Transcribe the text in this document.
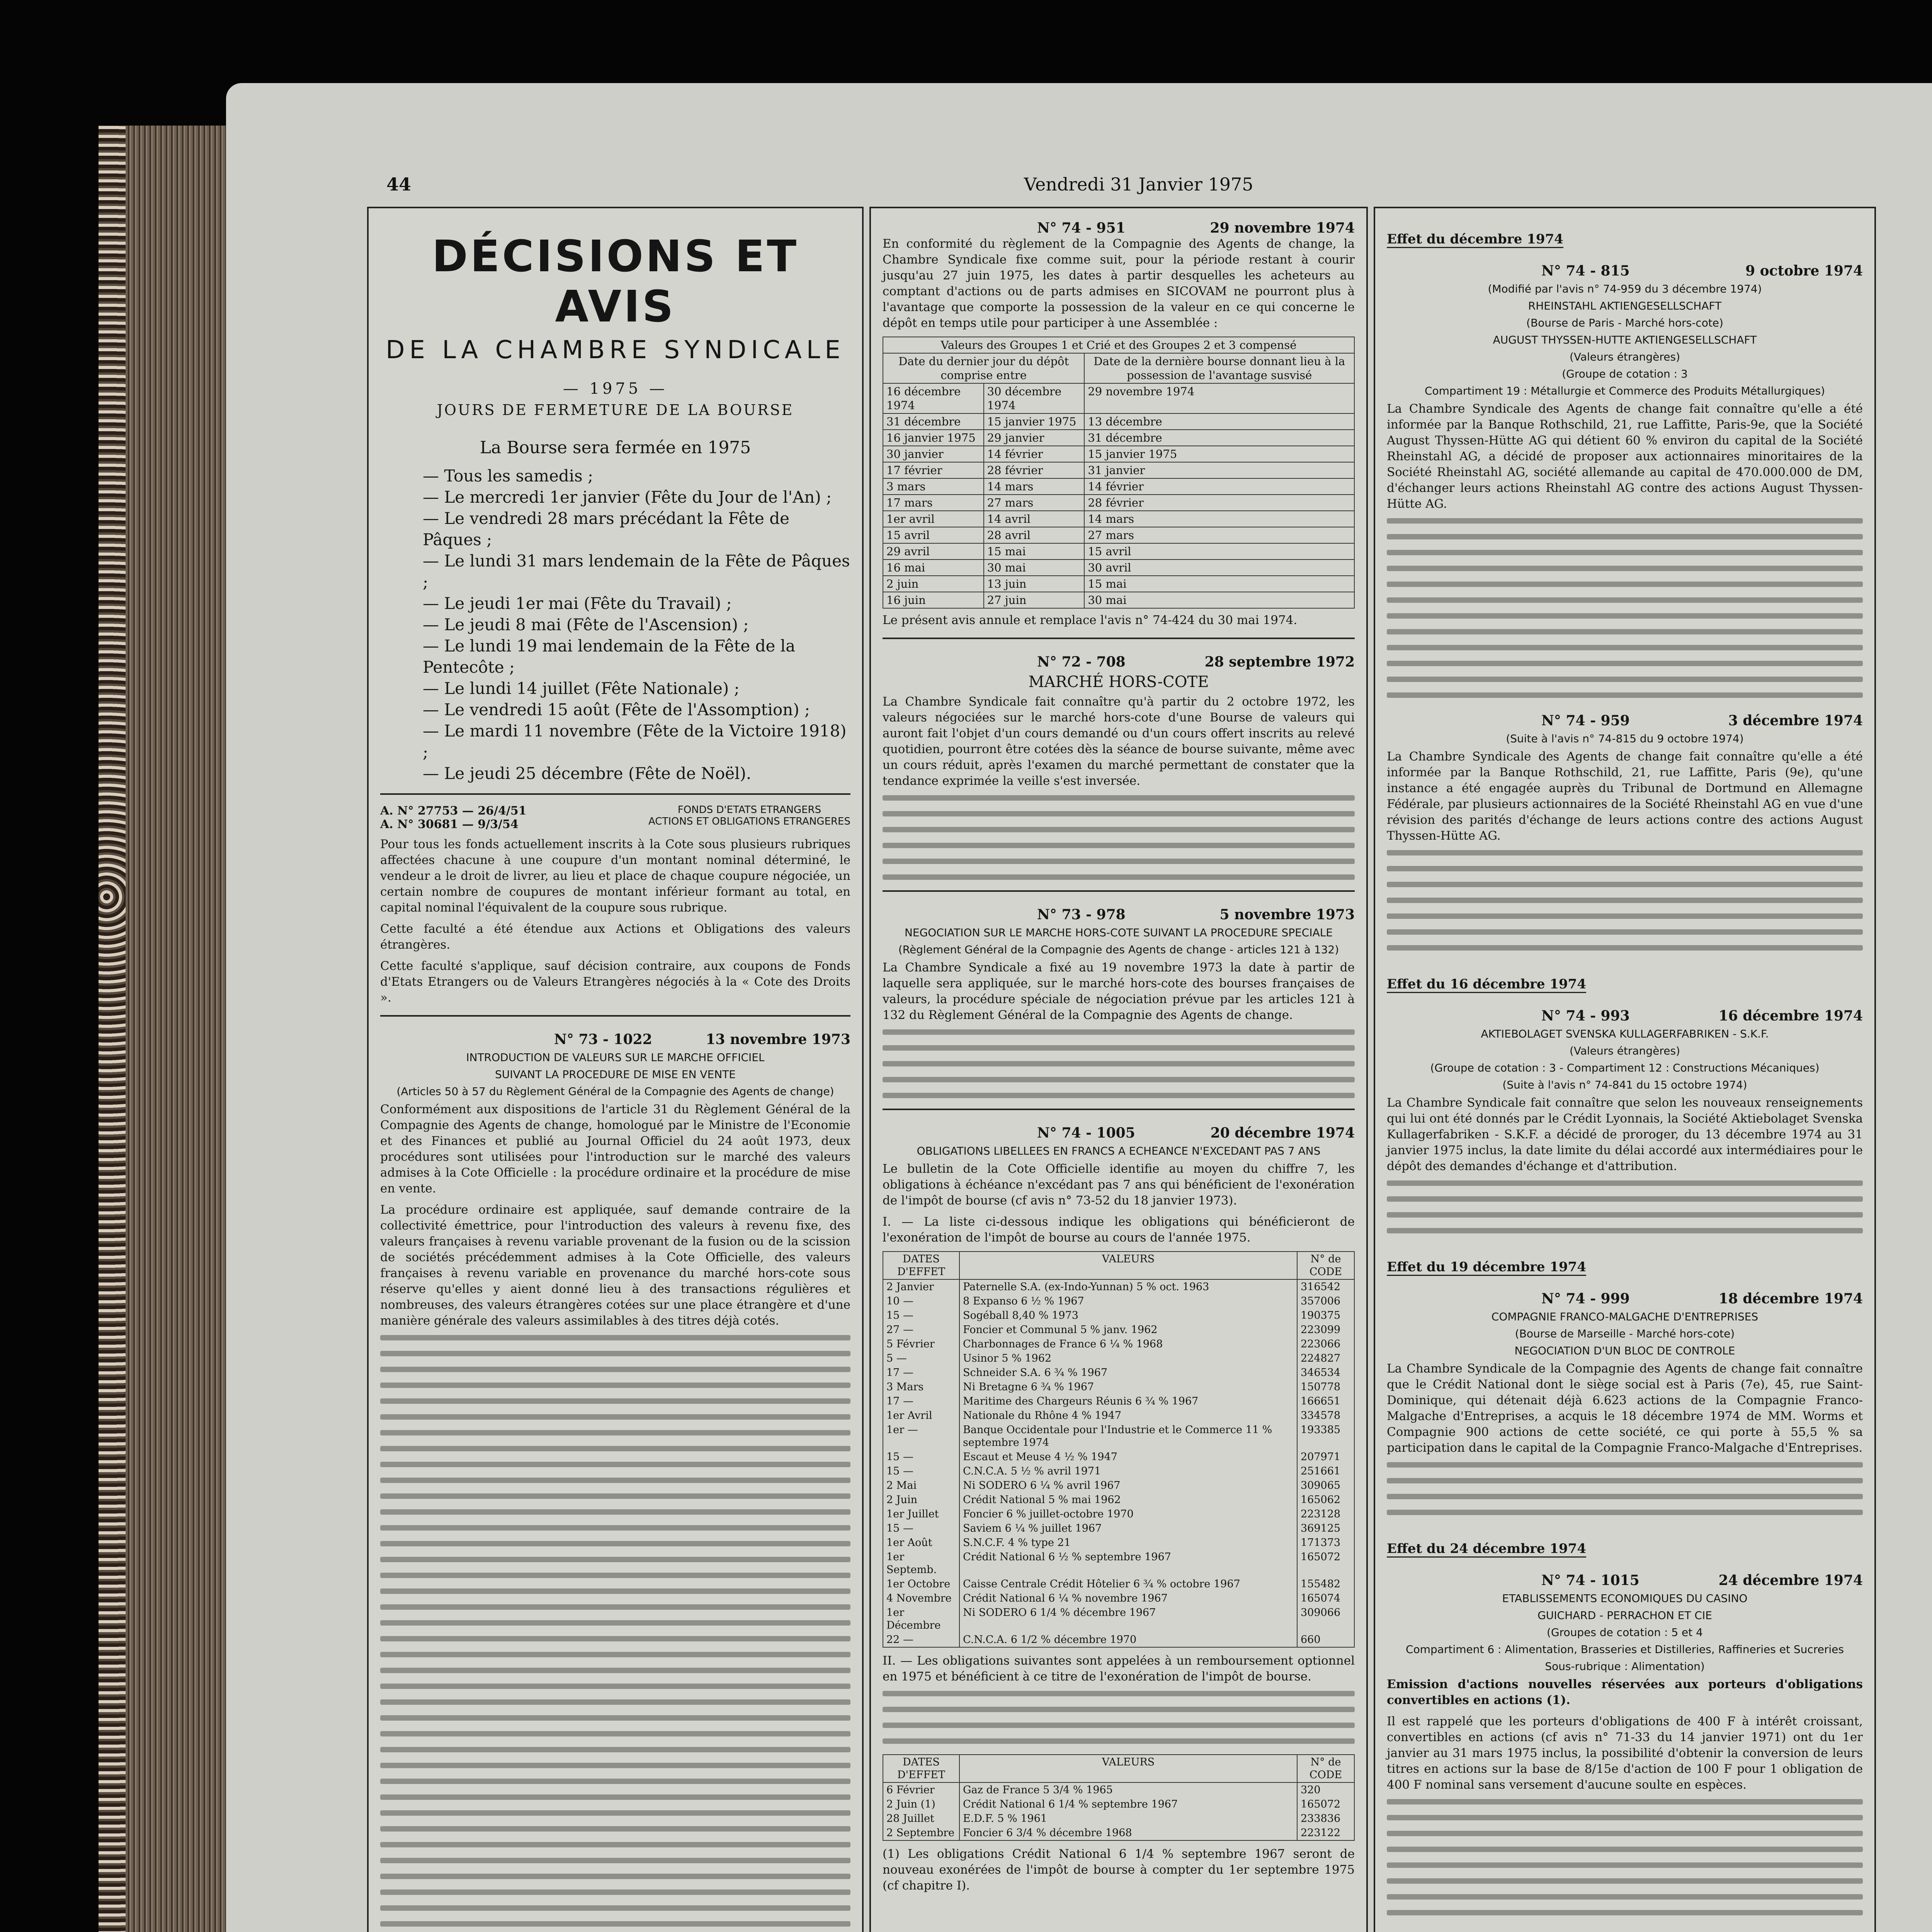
44	Vendredi 31 Janvier 1975
DÉCISIONS ET AVIS
DE LA CHAMBRE SYNDICALE
— 1975 —
JOURS DE FERMETURE DE LA BOURSE
La Bourse sera fermée en 1975
— Tous les samedis ;
— Le mercredi 1er janvier (Fête du Jour de l'An) ;
— Le vendredi 28 mars précédant la Fête de Pâques ;
— Le lundi 31 mars lendemain de la Fête de Pâques ;
— Le jeudi 1er mai (Fête du Travail) ;
— Le jeudi 8 mai (Fête de l'Ascension) ;
— Le lundi 19 mai lendemain de la Fête de la Pentecôte ;
— Le lundi 14 juillet (Fête Nationale) ;
— Le vendredi 15 août (Fête de l'Assomption) ;
— Le mardi 11 novembre (Fête de la Victoire 1918) ;
— Le jeudi 25 décembre (Fête de Noël).
A. N° 27753 — 26/4/51
A. N° 30681 — 9/3/54
FONDS D'ETATS ETRANGERS
ACTIONS ET OBLIGATIONS ETRANGERES

Pour tous les fonds actuellement inscrits à la Cote sous plusieurs rubriques affectées chacune à une coupure d'un montant nominal déterminé, le vendeur a le droit de livrer, au lieu et place de chaque coupure négociée, un certain nombre de coupures de montant inférieur formant au total, en capital nominal l'équivalent de la coupure sous rubrique.

Cette faculté a été étendue aux Actions et Obligations des valeurs étrangères.

Cette faculté s'applique, sauf décision contraire, aux coupons de Fonds d'Etats Etrangers ou de Valeurs Etrangères négociés à la « Cote des Droits ».

N° 73 - 1022	13 novembre 1973
INTRODUCTION DE VALEURS SUR LE MARCHE OFFICIEL
SUIVANT LA PROCEDURE DE MISE EN VENTE
(Articles 50 à 57 du Règlement Général de la Compagnie des Agents de change)

Conformément aux dispositions de l'article 31 du Règlement Général de la Compagnie des Agents de change, homologué par le Ministre de l'Economie et des Finances et publié au Journal Officiel du 24 août 1973, deux procédures sont utilisées pour l'introduction sur le marché des valeurs admises à la Cote Officielle : la procédure ordinaire et la procédure de mise en vente.

La procédure ordinaire est appliquée, sauf demande contraire de la collectivité émettrice, pour l'introduction des valeurs à revenu fixe, des valeurs françaises à revenu variable provenant de la fusion ou de la scission de sociétés précédemment admises à la Cote Officielle, des valeurs françaises à revenu variable en provenance du marché hors-cote sous réserve qu'elles y aient donné lieu à des transactions régulières et nombreuses, des valeurs étrangères cotées sur une place étrangère et d'une manière générale des valeurs assimilables à des titres déjà cotés.

N° 74 - 951	29 novembre 1974

En conformité du règlement de la Compagnie des Agents de change, la Chambre Syndicale fixe comme suit, pour la période restant à courir jusqu'au 27 juin 1975, les dates à partir desquelles les acheteurs au comptant d'actions ou de parts admises en SICOVAM ne pourront plus à l'avantage que comporte la possession de la valeur en ce qui concerne le dépôt en temps utile pour participer à une Assemblée :

Valeurs des Groupes 1 et Crié et des Groupes 2 et 3 compensé		
Date du dernier jour du dépôt comprise entre		Date de la dernière bourse donnant lieu à la possession de l'avantage susvisé
16 décembre 1974	30 décembre 1974	29 novembre 1974
31 décembre	15 janvier 1975	13 décembre
16 janvier 1975	29 janvier	31 décembre
30 janvier	14 février	15 janvier 1975
17 février	28 février	31 janvier
3 mars	14 mars	14 février
17 mars	27 mars	28 février
1er avril	14 avril	14 mars
15 avril	28 avril	27 mars
29 avril	15 mai	15 avril
16 mai	30 mai	30 avril
2 juin	13 juin	15 mai
16 juin	27 juin	30 mai

Le présent avis annule et remplace l'avis n° 74-424 du 30 mai 1974.

N° 72 - 708	28 septembre 1972
MARCHÉ HORS-COTE

La Chambre Syndicale fait connaître qu'à partir du 2 octobre 1972, les valeurs négociées sur le marché hors-cote d'une Bourse de valeurs qui auront fait l'objet d'un cours demandé ou d'un cours offert inscrits au relevé quotidien, pourront être cotées dès la séance de bourse suivante, même avec un cours réduit, après l'examen du marché permettant de constater que la tendance exprimée la veille s'est inversée.

N° 73 - 978	5 novembre 1973
NEGOCIATION SUR LE MARCHE HORS-COTE SUIVANT LA PROCEDURE SPECIALE
(Règlement Général de la Compagnie des Agents de change - articles 121 à 132)

La Chambre Syndicale a fixé au 19 novembre 1973 la date à partir de laquelle sera appliquée, sur le marché hors-cote des bourses françaises de valeurs, la procédure spéciale de négociation prévue par les articles 121 à 132 du Règlement Général de la Compagnie des Agents de change.

N° 74 - 1005	20 décembre 1974
OBLIGATIONS LIBELLEES EN FRANCS A ECHEANCE N'EXCEDANT PAS 7 ANS

Le bulletin de la Cote Officielle identifie au moyen du chiffre 7, les obligations à échéance n'excédant pas 7 ans qui bénéficient de l'exonération de l'impôt de bourse (cf avis n° 73-52 du 18 janvier 1973).

I. — La liste ci-dessous indique les obligations qui bénéficieront de l'exonération de l'impôt de bourse au cours de l'année 1975.

DATES D'EFFET	VALEURS	N° de CODE
2 Janvier	Paternelle S.A. (ex-Indo-Yunnan) 5 % oct. 1963	316542
10 —	8 Expanso 6 ½ % 1967	357006
15 —	Sogéball 8,40 % 1973	190375
27 —	Foncier et Communal 5 % janv. 1962	223099
5 Février	Charbonnages de France 6 ¼ % 1968	223066
5 —	Usinor 5 % 1962	224827
17 —	Schneider S.A. 6 ¾ % 1967	346534
3 Mars	Ni Bretagne 6 ¾ % 1967	150778
17 —	Maritime des Chargeurs Réunis 6 ¾ % 1967	166651
1er Avril	Nationale du Rhône 4 % 1947	334578
1er —	Banque Occidentale pour l'Industrie et le Commerce 11 % septembre 1974	193385
15 —	Escaut et Meuse 4 ½ % 1947	207971
15 —	C.N.C.A. 5 ½ % avril 1971	251661
2 Mai	Ni SODERO 6 ¼ % avril 1967	309065
2 Juin	Crédit National 5 % mai 1962	165062
1er Juillet	Foncier 6 % juillet-octobre 1970	223128
15 —	Saviem 6 ¼ % juillet 1967	369125
1er Août	S.N.C.F. 4 % type 21	171373
1er Septemb.	Crédit National 6 ½ % septembre 1967	165072
1er Octobre	Caisse Centrale Crédit Hôtelier 6 ¾ % octobre 1967	155482
4 Novembre	Crédit National 6 ¼ % novembre 1967	165074
1er Décembre	Ni SODERO 6 1/4 % décembre 1967	309066
22 —	C.N.C.A. 6 1/2 % décembre 1970	660

II. — Les obligations suivantes sont appelées à un remboursement optionnel en 1975 et bénéficient à ce titre de l'exonération de l'impôt de bourse.

DATES D'EFFET	VALEURS	N° de CODE
6 Février	Gaz de France 5 3/4 % 1965	320
2 Juin (1)	Crédit National 6 1/4 % septembre 1967	165072
28 Juillet	E.D.F. 5 % 1961	233836
2 Septembre	Foncier 6 3/4 % décembre 1968	223122

(1) Les obligations Crédit National 6 1/4 % septembre 1967 seront de nouveau exonérées de l'impôt de bourse à compter du 1er septembre 1975 (cf chapitre I).

Effet du décembre 1974
N° 74 - 815	9 octobre 1974
(Modifié par l'avis n° 74-959 du 3 décembre 1974)
RHEINSTAHL AKTIENGESELLSCHAFT
(Bourse de Paris - Marché hors-cote)
AUGUST THYSSEN-HUTTE AKTIENGESELLSCHAFT
(Valeurs étrangères)
(Groupe de cotation : 3
Compartiment 19 : Métallurgie et Commerce des Produits Métallurgiques)

La Chambre Syndicale des Agents de change fait connaître qu'elle a été informée par la Banque Rothschild, 21, rue Laffitte, Paris-9e, que la Société August Thyssen-Hütte AG qui détient 60 % environ du capital de la Société Rheinstahl AG, a décidé de proposer aux actionnaires minoritaires de la Société Rheinstahl AG, société allemande au capital de 470.000.000 de DM, d'échanger leurs actions Rheinstahl AG contre des actions August Thyssen-Hütte AG.

N° 74 - 959	3 décembre 1974
(Suite à l'avis n° 74-815 du 9 octobre 1974)

La Chambre Syndicale des Agents de change fait connaître qu'elle a été informée par la Banque Rothschild, 21, rue Laffitte, Paris (9e), qu'une instance a été engagée auprès du Tribunal de Dortmund en Allemagne Fédérale, par plusieurs actionnaires de la Société Rheinstahl AG en vue d'une révision des parités d'échange de leurs actions contre des actions August Thyssen-Hütte AG.

Effet du 16 décembre 1974
N° 74 - 993	16 décembre 1974
AKTIEBOLAGET SVENSKA KULLAGERFABRIKEN - S.K.F.
(Valeurs étrangères)
(Groupe de cotation : 3 - Compartiment 12 : Constructions Mécaniques)
(Suite à l'avis n° 74-841 du 15 octobre 1974)

La Chambre Syndicale fait connaître que selon les nouveaux renseignements qui lui ont été donnés par le Crédit Lyonnais, la Société Aktiebolaget Svenska Kullagerfabriken - S.K.F. a décidé de proroger, du 13 décembre 1974 au 31 janvier 1975 inclus, la date limite du délai accordé aux intermédiaires pour le dépôt des demandes d'échange et d'attribution.

Effet du 19 décembre 1974
N° 74 - 999	18 décembre 1974
COMPAGNIE FRANCO-MALGACHE D'ENTREPRISES
(Bourse de Marseille - Marché hors-cote)
NEGOCIATION D'UN BLOC DE CONTROLE

La Chambre Syndicale de la Compagnie des Agents de change fait connaître que le Crédit National dont le siège social est à Paris (7e), 45, rue Saint-Dominique, qui détenait déjà 6.623 actions de la Compagnie Franco-Malgache d'Entreprises, a acquis le 18 décembre 1974 de MM. Worms et Compagnie 900 actions de cette société, ce qui porte à 55,5 % sa participation dans le capital de la Compagnie Franco-Malgache d'Entreprises.

Effet du 24 décembre 1974
N° 74 - 1015	24 décembre 1974
ETABLISSEMENTS ECONOMIQUES DU CASINO
GUICHARD - PERRACHON ET CIE
(Groupes de cotation : 5 et 4
Compartiment 6 : Alimentation, Brasseries et Distilleries, Raffineries et Sucreries
Sous-rubrique : Alimentation)

Emission d'actions nouvelles réservées aux porteurs d'obligations convertibles en actions (1).

Il est rappelé que les porteurs d'obligations de 400 F à intérêt croissant, convertibles en actions (cf avis n° 71-33 du 14 janvier 1971) ont du 1er janvier au 31 mars 1975 inclus, la possibilité d'obtenir la conversion de leurs titres en actions sur la base de 8/15e d'action de 100 F pour 1 obligation de 400 F nominal sans versement d'aucune soulte en espèces.
